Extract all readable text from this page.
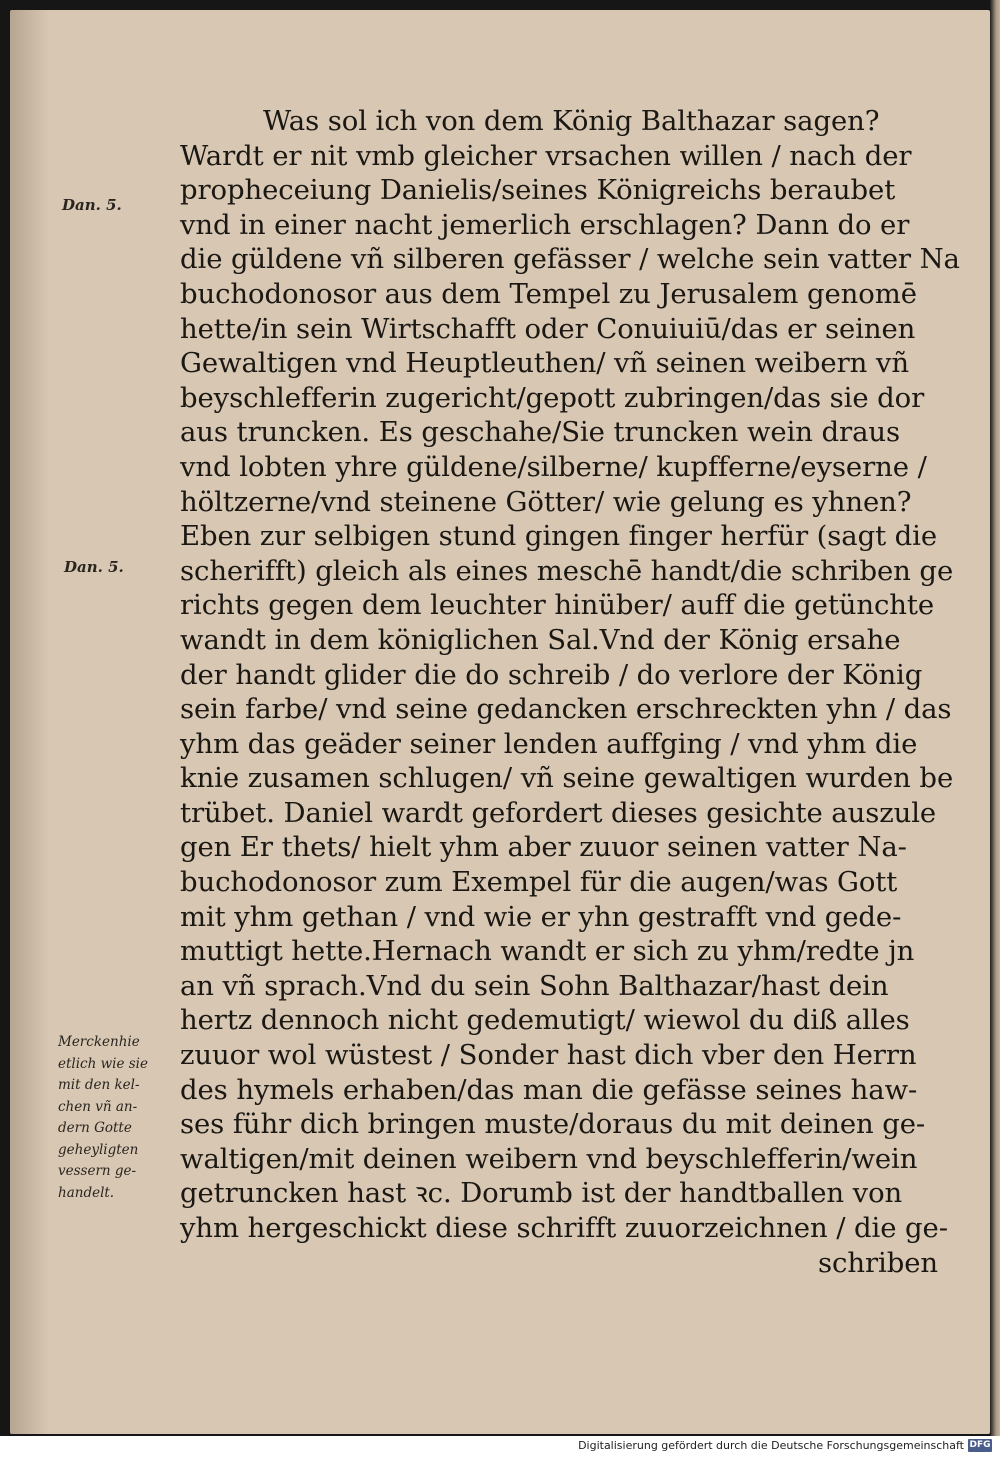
Was sol ich von dem König Balthazar sagen?
Wardt er nit vmb gleicher vrsachen willen / nach der
propheceiung Danielis/seines Königreichs beraubet
vnd in einer nacht jemerlich erschlagen? Dann do er
die güldene vñ silberen gefässer / welche sein vatter Na
buchodonosor aus dem Tempel zu Jerusalem genomē
hette/in sein Wirtschafft oder Conuiuiū/das er seinen
Gewaltigen vnd Heuptleuthen/ vñ seinen weibern vñ
beyschlefferin zugericht/gepott zubringen/das sie dor
aus truncken. Es geschahe/Sie truncken wein draus
vnd lobten yhre güldene/silberne/ kupfferne/eyserne /
höltzerne/vnd steinene Götter/ wie gelung es yhnen?
Eben zur selbigen stund gingen finger herfür (sagt die
scherifft) gleich als eines meschē handt/die schriben ge
richts gegen dem leuchter hinüber/ auff die getünchte
wandt in dem königlichen Sal.Vnd der König ersahe
der handt glider die do schreib / do verlore der König
sein farbe/ vnd seine gedancken erschreckten yhn / das
yhm das geäder seiner lenden auffging / vnd yhm die
knie zusamen schlugen/ vñ seine gewaltigen wurden be
trübet. Daniel wardt gefordert dieses gesichte auszule
gen Er thets/ hielt yhm aber zuuor seinen vatter Na-
buchodonosor zum Exempel für die augen/was Gott
mit yhm gethan / vnd wie er yhn gestrafft vnd gede-
muttigt hette.Hernach wandt er sich zu yhm/redte jn
an vñ sprach.Vnd du sein Sohn Balthazar/hast dein
hertz dennoch nicht gedemutigt/ wiewol du diß alles
zuuor wol wüstest / Sonder hast dich vber den Herrn
des hymels erhaben/das man die gefässe seines haw-
ses führ dich bringen muste/doraus du mit deinen ge-
waltigen/mit deinen weibern vnd beyschlefferin/wein
getruncken hast ꝛc. Dorumb ist der handtballen von
yhm hergeschickt diese schrifft zuuorzeichnen / die ge-
schriben

Dan. 5.

Dan. 5.

Merckenhie
etlich wie sie
mit den kel-
chen vñ an-
dern Gotte
geheyligten
vessern ge-
handelt.

Digitalisierung gefördert durch die Deutsche Forschungsgemeinschaft DFG
